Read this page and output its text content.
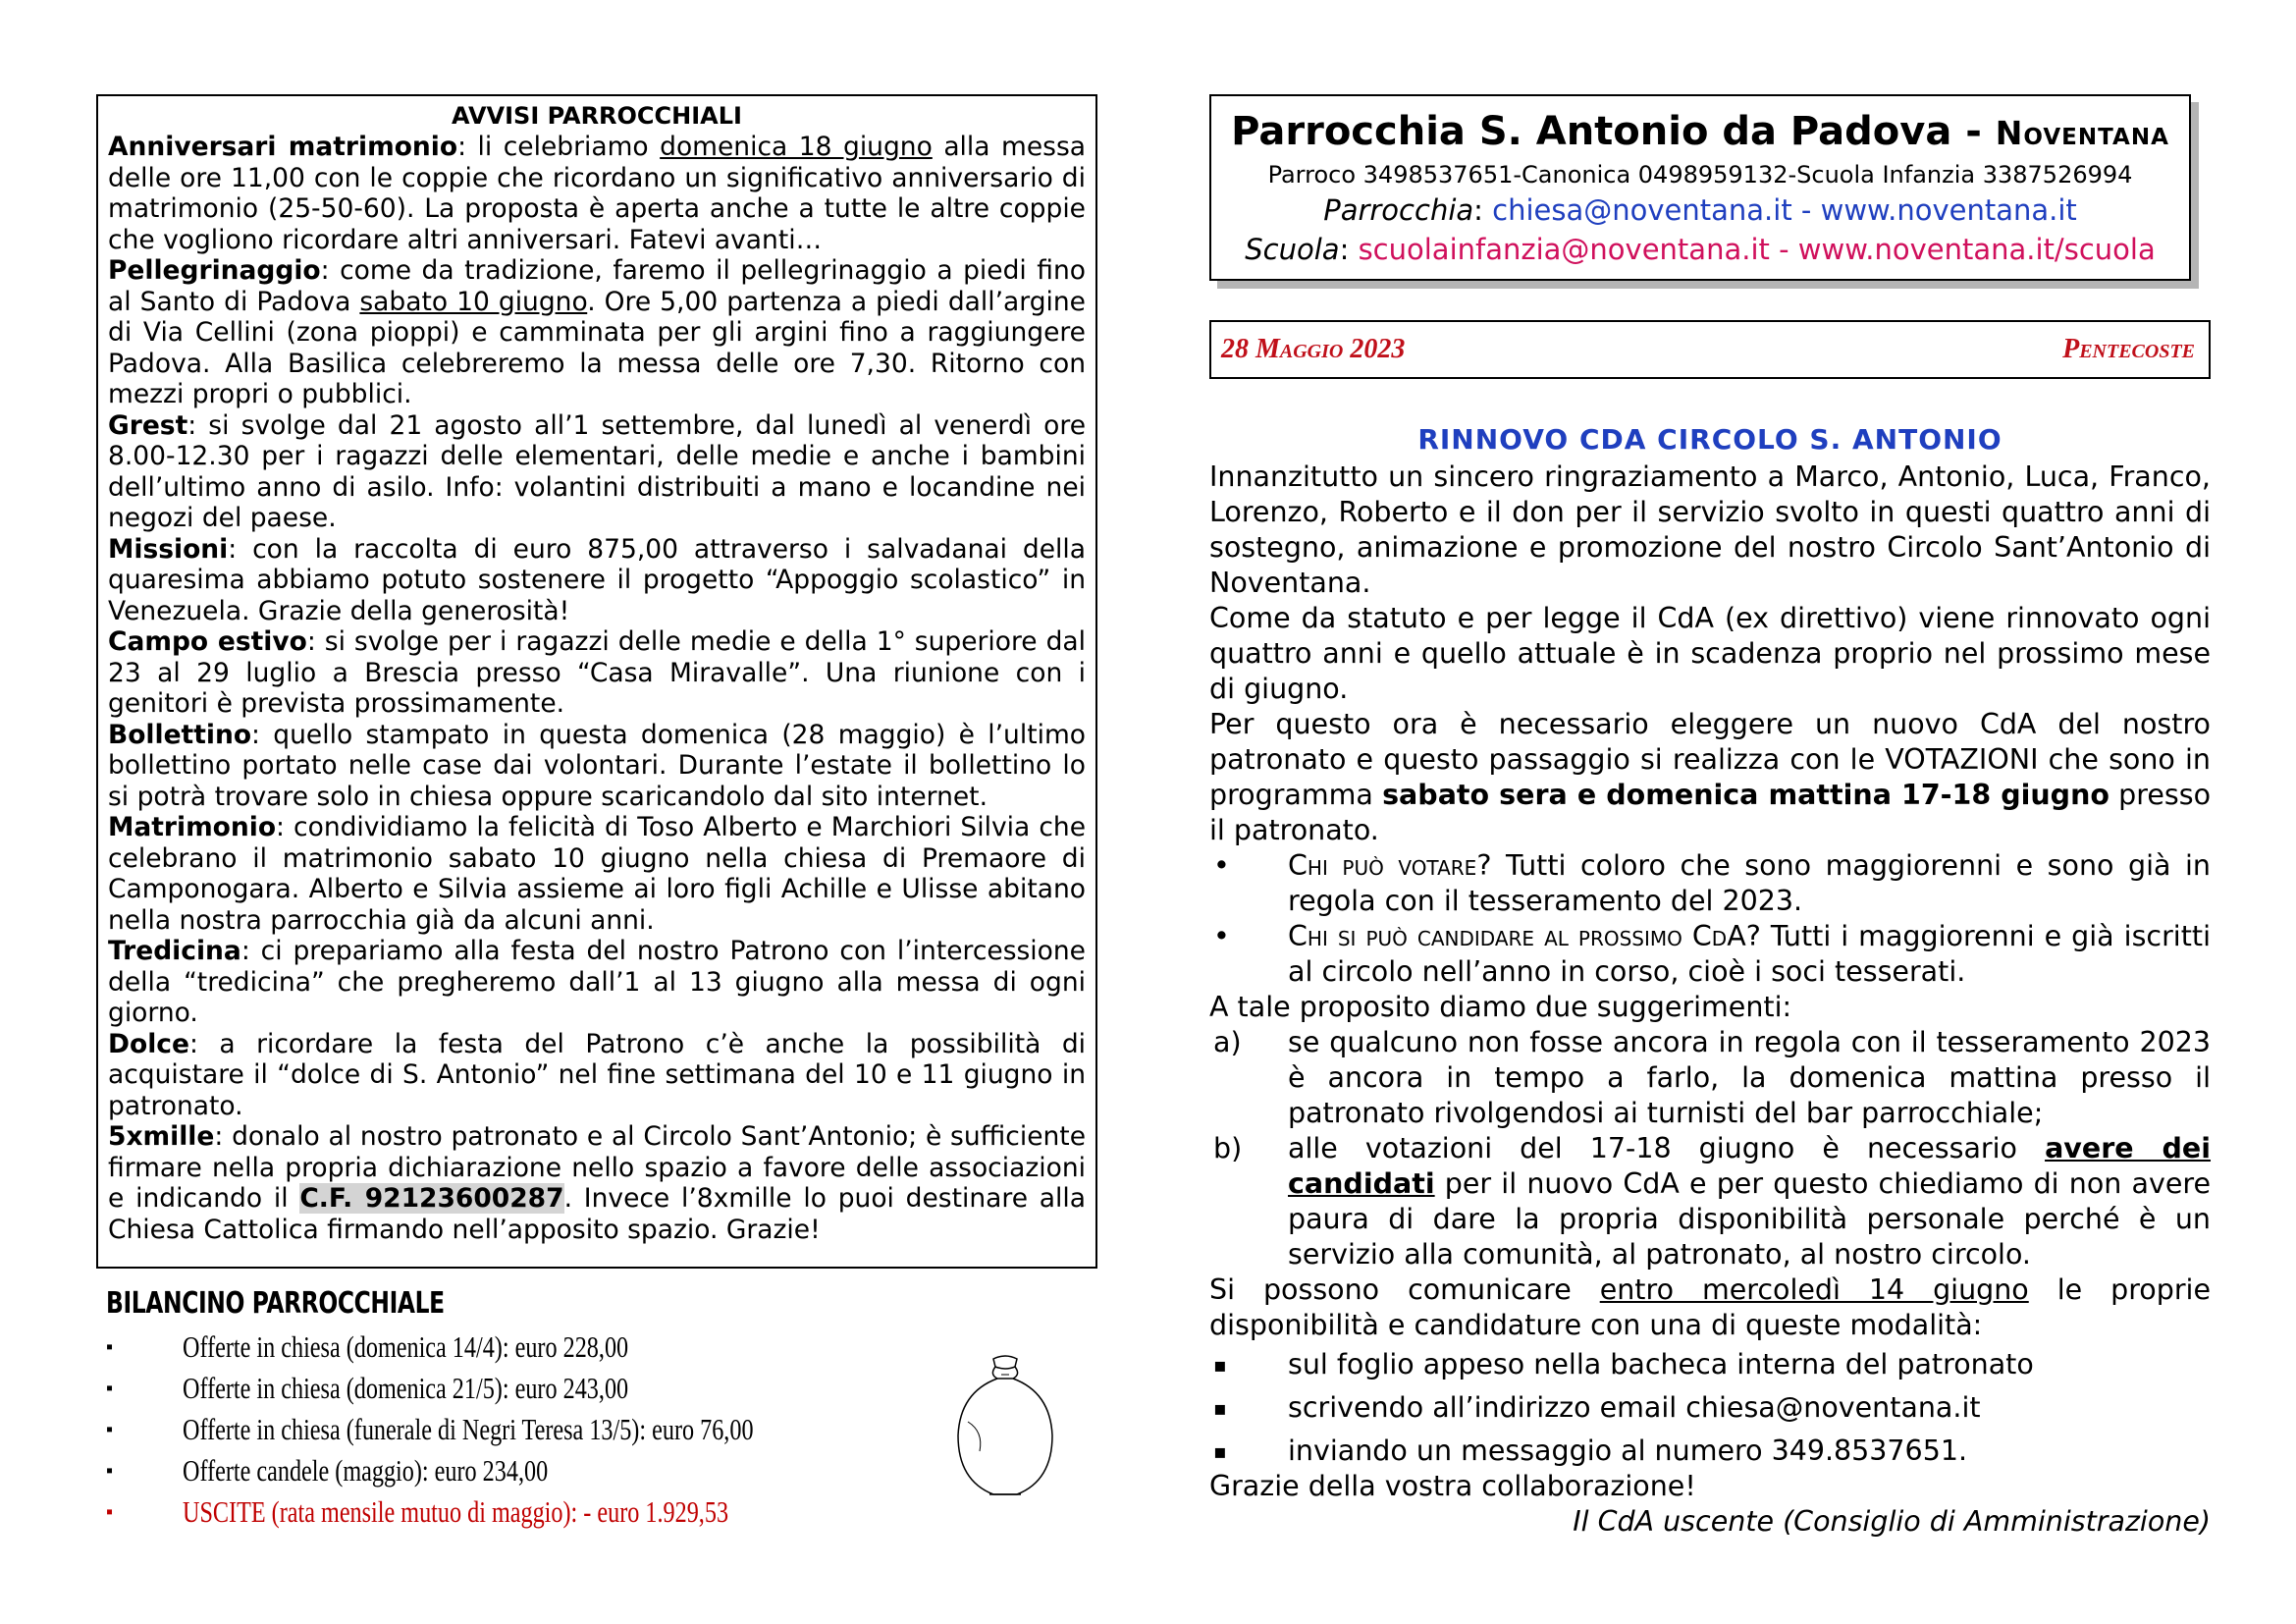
AVVISI PARROCCHIALI

Anniversari matrimonio: li celebriamo domenica 18 giugno alla messa delle ore 11,00 con le coppie che ricordano un significativo anniversario di matrimonio (25-50-60). La proposta è aperta anche a tutte le altre coppie che vogliono ricordare altri anniversari. Fatevi avanti…

Pellegrinaggio: come da tradizione, faremo il pellegrinaggio a piedi fino al Santo di Padova sabato 10 giugno. Ore 5,00 partenza a piedi dall’argine di Via Cellini (zona pioppi) e camminata per gli argini fino a raggiungere Padova. Alla Basilica celebreremo la messa delle ore 7,30. Ritorno con mezzi propri o pubblici.

Grest: si svolge dal 21 agosto all’1 settembre, dal lunedì al venerdì ore 8.00-12.30 per i ragazzi delle elementari, delle medie e anche i bambini dell’ultimo anno di asilo. Info: volantini distribuiti a mano e locandine nei negozi del paese.

Missioni: con la raccolta di euro 875,00 attraverso i salvadanai della quaresima abbiamo potuto sostenere il progetto “Appoggio scolastico” in Venezuela. Grazie della generosità!

Campo estivo: si svolge per i ragazzi delle medie e della 1° superiore dal 23 al 29 luglio a Brescia presso “Casa Miravalle”. Una riunione con i genitori è prevista prossimamente.

Bollettino: quello stampato in questa domenica (28 maggio) è l’ultimo bollettino portato nelle case dai volontari. Durante l’estate il bollettino lo si potrà trovare solo in chiesa oppure scaricandolo dal sito internet.

Matrimonio: condividiamo la felicità di Toso Alberto e Marchiori Silvia che celebrano il matrimonio sabato 10 giugno nella chiesa di Premaore di Camponogara. Alberto e Silvia assieme ai loro figli Achille e Ulisse abitano nella nostra parrocchia già da alcuni anni.

Tredicina: ci prepariamo alla festa del nostro Patrono con l’intercessione della “tredicina” che pregheremo dall’1 al 13 giugno alla messa di ogni giorno.

Dolce: a ricordare la festa del Patrono c’è anche la possibilità di acquistare il “dolce di S. Antonio” nel fine settimana del 10 e 11 giugno in patronato.

5xmille: donalo al nostro patronato e al Circolo Sant’Antonio; è sufficiente firmare nella propria dichiarazione nello spazio a favore delle associazioni e indicando il C.F. 92123600287. Invece l’8xmille lo puoi destinare alla Chiesa Cattolica firmando nell’apposito spazio. Grazie!

BILANCINO PARROCCHIALE
▪ Offerte in chiesa (domenica 14/4): euro 228,00
▪ Offerte in chiesa (domenica 21/5): euro 243,00
▪ Offerte in chiesa (funerale di Negri Teresa 13/5): euro 76,00
▪ Offerte candele (maggio): euro 234,00
▪ USCITE (rata mensile mutuo di maggio): - euro 1.929,53
Parrocchia S. Antonio da Padova - Noventana
Parroco 3498537651-Canonica 0498959132-Scuola Infanzia 3387526994
Parrocchia: chiesa@noventana.it - www.noventana.it
Scuola: scuolainfanzia@noventana.it - www.noventana.it/scuola
28 Maggio 2023	Pentecoste
RINNOVO CDA CIRCOLO S. ANTONIO

Innanzitutto un sincero ringraziamento a Marco, Antonio, Luca, Franco, Lorenzo, Roberto e il don per il servizio svolto in questi quattro anni di sostegno, animazione e promozione del nostro Circolo Sant’Antonio di Noventana.

Come da statuto e per legge il CdA (ex direttivo) viene rinnovato ogni quattro anni e quello attuale è in scadenza proprio nel prossimo mese di giugno.

Per questo ora è necessario eleggere un nuovo CdA del nostro patronato e questo passaggio si realizza con le VOTAZIONI che sono in programma sabato sera e domenica mattina 17-18 giugno presso il patronato.

• Chi può votare? Tutti coloro che sono maggiorenni e sono già in regola con il tesseramento del 2023.

• Chi si può candidare al prossimo CdA? Tutti i maggiorenni e già iscritti al circolo nell’anno in corso, cioè i soci tesserati.

A tale proposito diamo due suggerimenti:

a) se qualcuno non fosse ancora in regola con il tesseramento 2023 è ancora in tempo a farlo, la domenica mattina presso il patronato rivolgendosi ai turnisti del bar parrocchiale;

b) alle votazioni del 17-18 giugno è necessario avere dei candidati per il nuovo CdA e per questo chiediamo di non avere paura di dare la propria disponibilità personale perché è un servizio alla comunità, al patronato, al nostro circolo.

Si possono comunicare entro mercoledì 14 giugno le proprie disponibilità e candidature con una di queste modalità:

▪ sul foglio appeso nella bacheca interna del patronato

▪ scrivendo all’indirizzo email chiesa@noventana.it

▪ inviando un messaggio al numero 349.8537651.

Grazie della vostra collaborazione!

Il CdA uscente (Consiglio di Amministrazione)
